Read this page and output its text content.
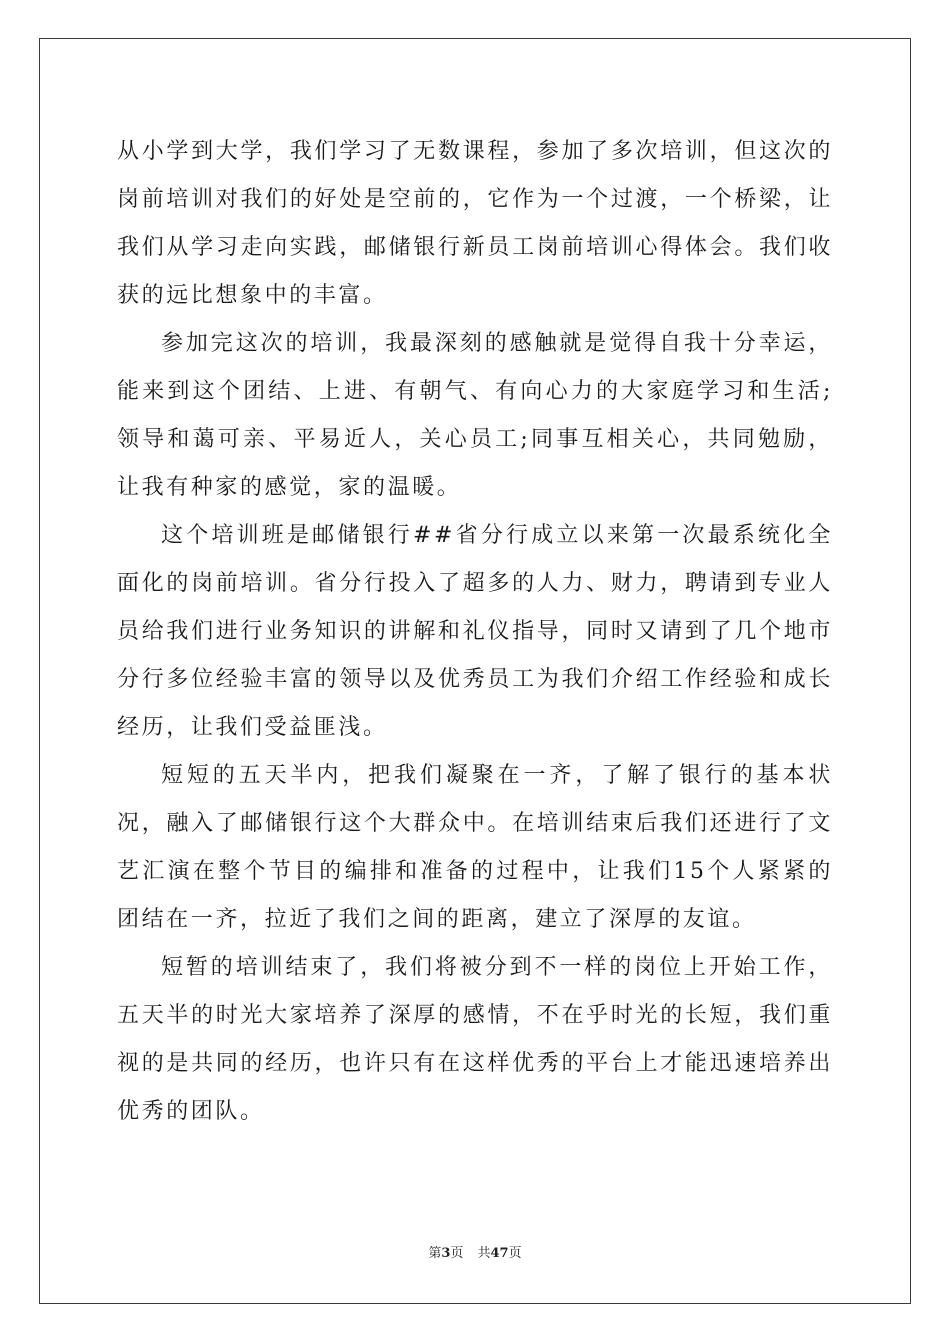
从小学到大学，我们学习了无数课程，参加了多次培训，但这次的岗前培训对我们的好处是空前的，它作为一个过渡，一个桥梁，让我们从学习走向实践，邮储银行新员工岗前培训心得体会。我们收获的远比想象中的丰富。

参加完这次的培训，我最深刻的感触就是觉得自我十分幸运，能来到这个团结、上进、有朝气、有向心力的大家庭学习和生活;领导和蔼可亲、平易近人，关心员工;同事互相关心，共同勉励，让我有种家的感觉，家的温暖。

这个培训班是邮储银行##省分行成立以来第一次最系统化全面化的岗前培训。省分行投入了超多的人力、财力，聘请到专业人员给我们进行业务知识的讲解和礼仪指导，同时又请到了几个地市分行多位经验丰富的领导以及优秀员工为我们介绍工作经验和成长经历，让我们受益匪浅。

短短的五天半内，把我们凝聚在一齐，了解了银行的基本状况，融入了邮储银行这个大群众中。在培训结束后我们还进行了文艺汇演在整个节目的编排和准备的过程中，让我们15个人紧紧的团结在一齐，拉近了我们之间的距离，建立了深厚的友谊。

短暂的培训结束了，我们将被分到不一样的岗位上开始工作，五天半的时光大家培养了深厚的感情，不在乎时光的长短，我们重视的是共同的经历，也许只有在这样优秀的平台上才能迅速培养出优秀的团队。

第3页 共47页
